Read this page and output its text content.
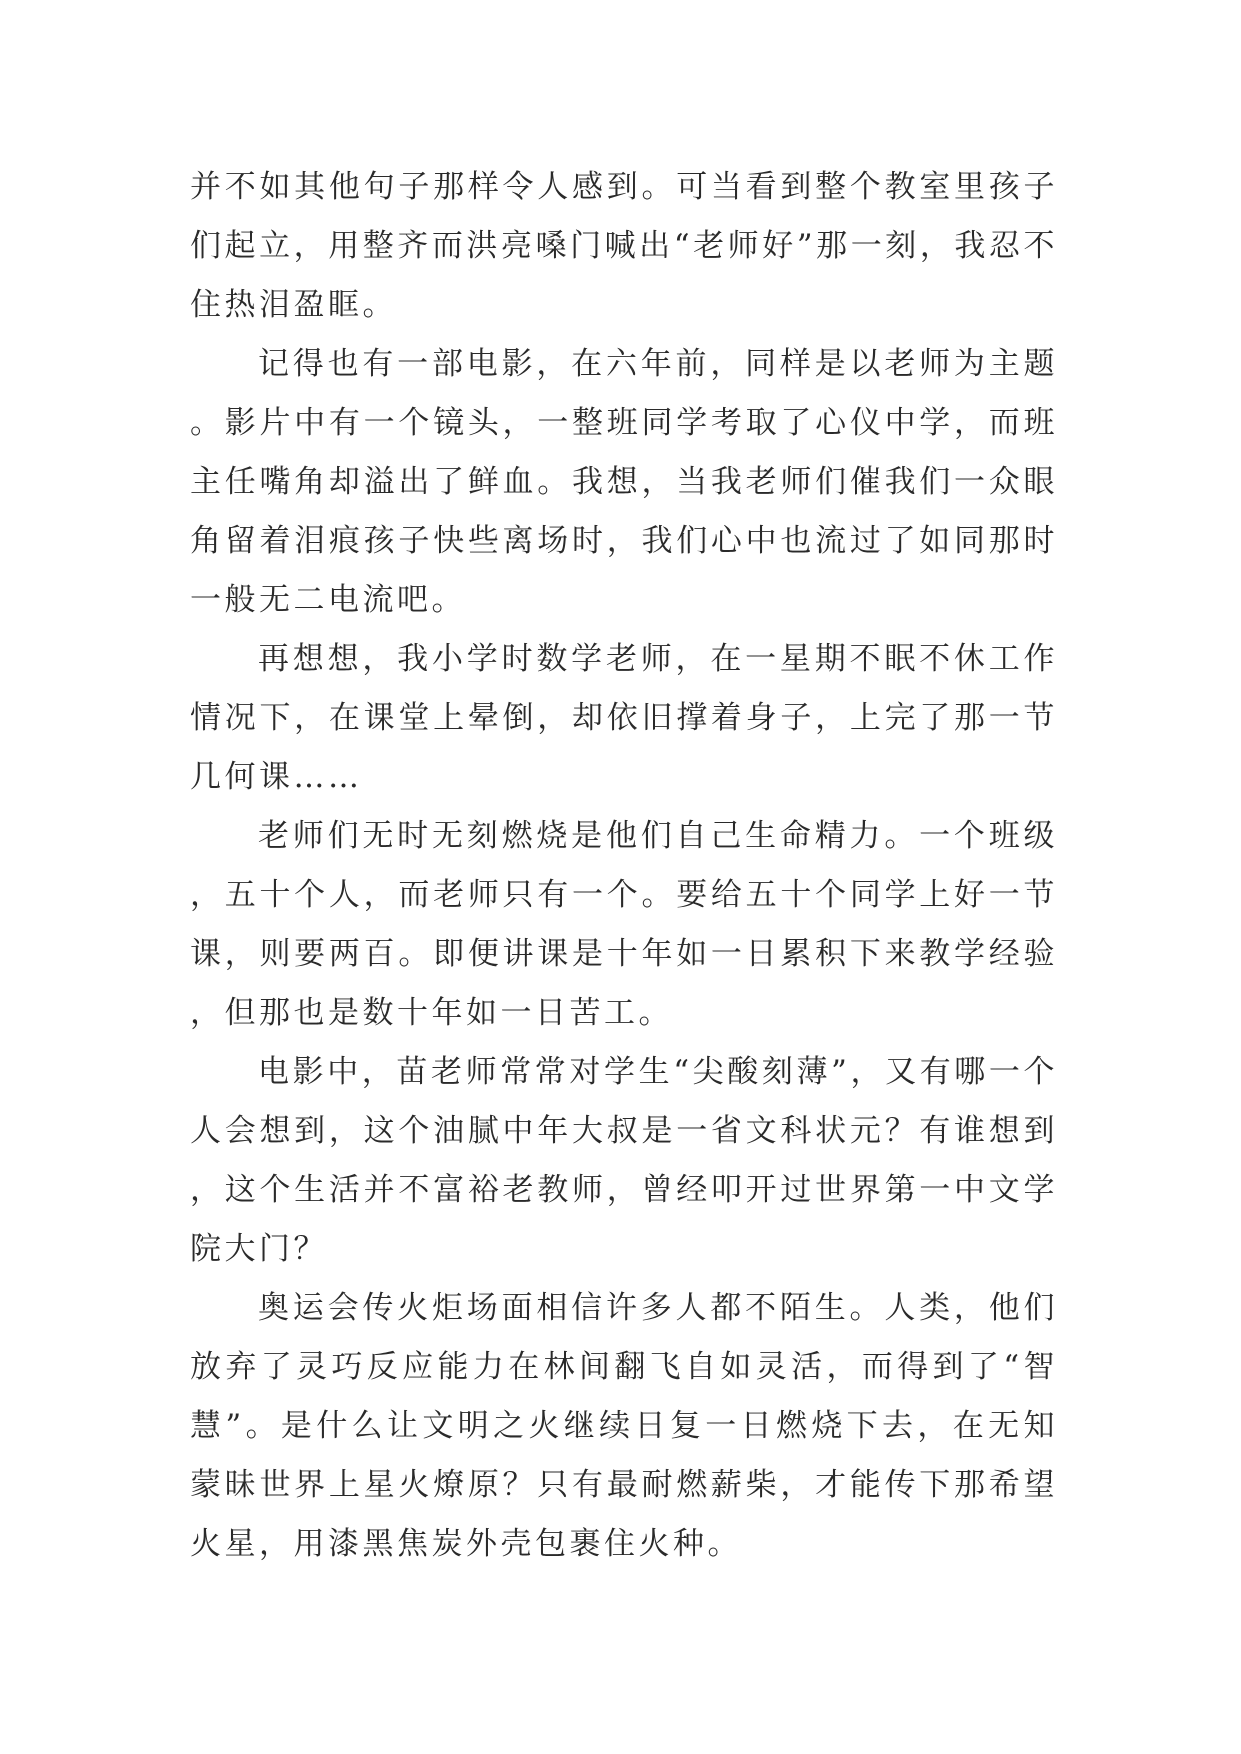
并不如其他句子那样令人感到。可当看到整个教室里孩子们起立，用整齐而洪亮嗓门喊出“老师好”那一刻，我忍不住热泪盈眶。

记得也有一部电影，在六年前，同样是以老师为主题。影片中有一个镜头，一整班同学考取了心仪中学，而班主任嘴角却溢出了鲜血。我想，当我老师们催我们一众眼角留着泪痕孩子快些离场时，我们心中也流过了如同那时一般无二电流吧。

再想想，我小学时数学老师，在一星期不眠不休工作情况下，在课堂上晕倒，却依旧撑着身子，上完了那一节几何课……

老师们无时无刻燃烧是他们自己生命精力。一个班级，五十个人，而老师只有一个。要给五十个同学上好一节课，则要两百。即便讲课是十年如一日累积下来教学经验，但那也是数十年如一日苦工。

电影中，苗老师常常对学生“尖酸刻薄”，又有哪一个人会想到，这个油腻中年大叔是一省文科状元？有谁想到，这个生活并不富裕老教师，曾经叩开过世界第一中文学院大门？

奥运会传火炬场面相信许多人都不陌生。人类，他们放弃了灵巧反应能力在林间翻飞自如灵活，而得到了“智慧”。是什么让文明之火继续日复一日燃烧下去，在无知蒙昧世界上星火燎原？只有最耐燃薪柴，才能传下那希望火星，用漆黑焦炭外壳包裹住火种。
